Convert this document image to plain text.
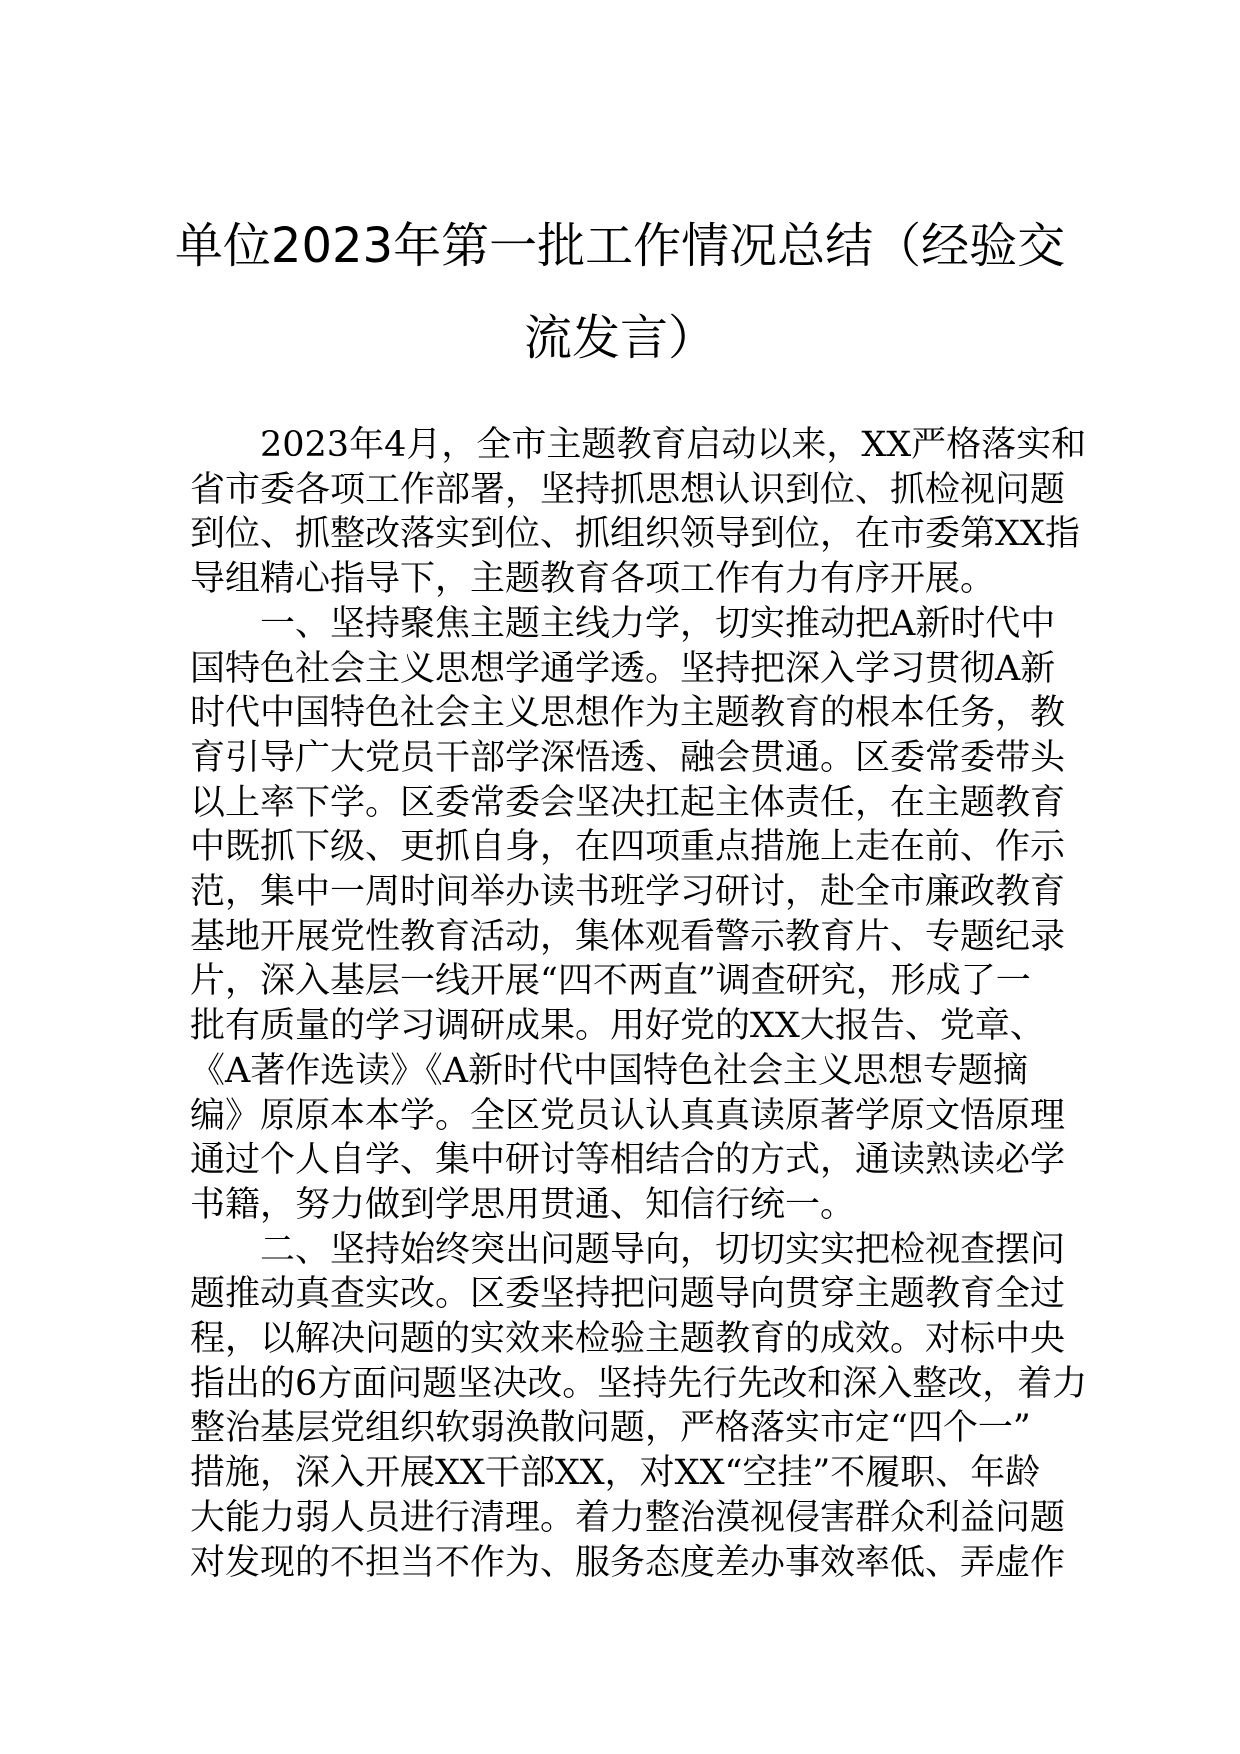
单位2023年第一批工作情况总结（经验交
流发言）

2023年4月，全市主题教育启动以来，XX严格落实和

省市委各项工作部署，坚持抓思想认识到位、抓检视问题

到位、抓整改落实到位、抓组织领导到位，在市委第XX指

导组精心指导下，主题教育各项工作有力有序开展。

一、坚持聚焦主题主线力学，切实推动把A新时代中

国特色社会主义思想学通学透。坚持把深入学习贯彻A新

时代中国特色社会主义思想作为主题教育的根本任务，教

育引导广大党员干部学深悟透、融会贯通。区委常委带头

以上率下学。区委常委会坚决扛起主体责任，在主题教育

中既抓下级、更抓自身，在四项重点措施上走在前、作示

范，集中一周时间举办读书班学习研讨，赴全市廉政教育

基地开展党性教育活动，集体观看警示教育片、专题纪录

片，深入基层一线开展“四不两直”调查研究，形成了一

批有质量的学习调研成果。用好党的XX大报告、党章、

《A著作选读》《A新时代中国特色社会主义思想专题摘

编》原原本本学。全区党员认认真真读原著学原文悟原理

通过个人自学、集中研讨等相结合的方式，通读熟读必学

书籍，努力做到学思用贯通、知信行统一。

二、坚持始终突出问题导向，切切实实把检视查摆问

题推动真查实改。区委坚持把问题导向贯穿主题教育全过

程，以解决问题的实效来检验主题教育的成效。对标中央

指出的6方面问题坚决改。坚持先行先改和深入整改，着力

整治基层党组织软弱涣散问题，严格落实市定“四个一”

措施，深入开展XX干部XX，对XX“空挂”不履职、年龄

大能力弱人员进行清理。着力整治漠视侵害群众利益问题

对发现的不担当不作为、服务态度差办事效率低、弄虚作
